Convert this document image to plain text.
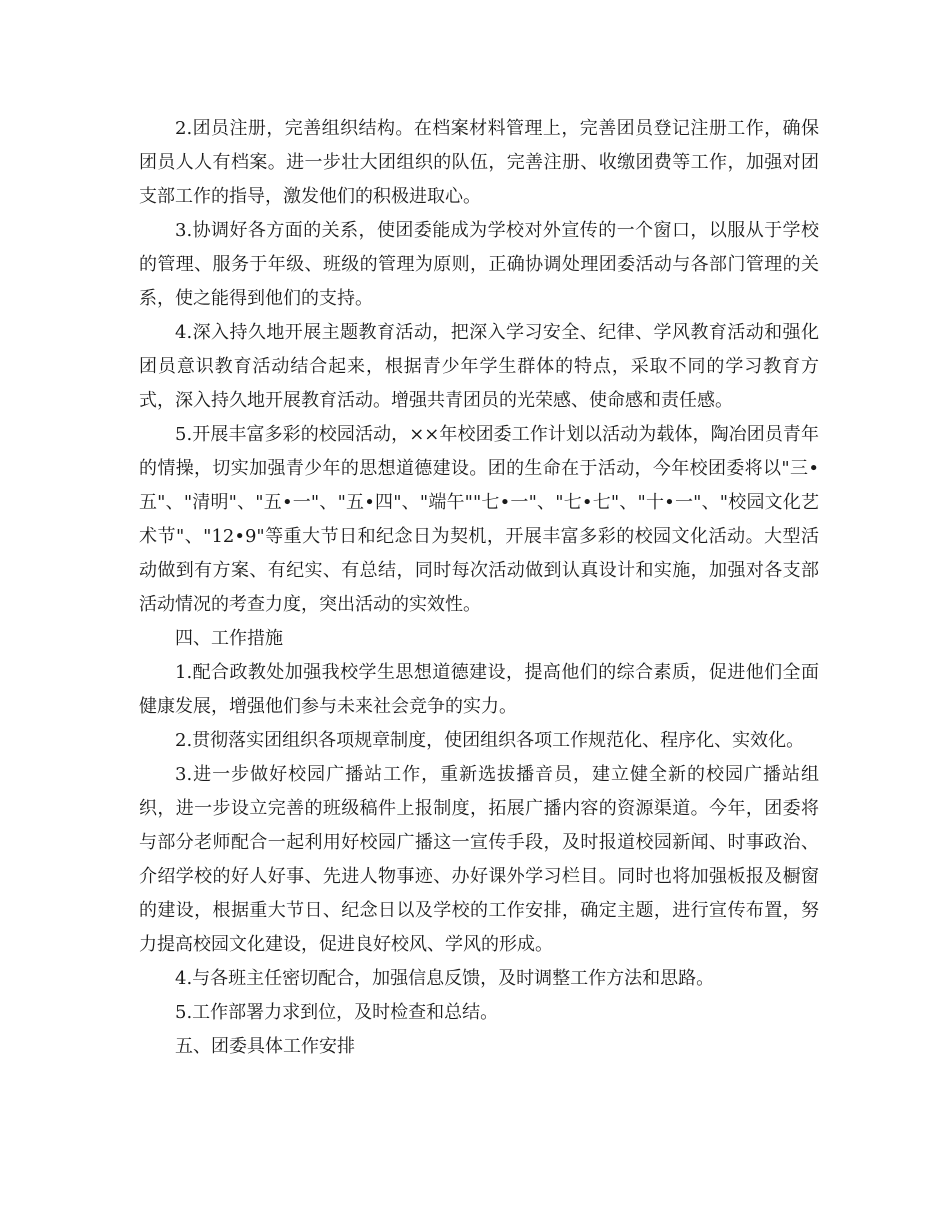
2.团员注册，完善组织结构。在档案材料管理上，完善团员登记注册工作，确保团员人人有档案。进一步壮大团组织的队伍，完善注册、收缴团费等工作，加强对团支部工作的指导，激发他们的积极进取心。

3.协调好各方面的关系，使团委能成为学校对外宣传的一个窗口，以服从于学校的管理、服务于年级、班级的管理为原则，正确协调处理团委活动与各部门管理的关系，使之能得到他们的支持。

4.深入持久地开展主题教育活动，把深入学习安全、纪律、学风教育活动和强化团员意识教育活动结合起来，根据青少年学生群体的特点，采取不同的学习教育方式，深入持久地开展教育活动。增强共青团员的光荣感、使命感和责任感。

5.开展丰富多彩的校园活动，××年校团委工作计划以活动为载体，陶冶团员青年的情操，切实加强青少年的思想道德建设。团的生命在于活动，今年校团委将以"三•五"、"清明"、"五•一"、"五•四"、"端午""七•一"、"七•七"、"十•一"、"校园文化艺术节"、"12•9"等重大节日和纪念日为契机，开展丰富多彩的校园文化活动。大型活动做到有方案、有纪实、有总结，同时每次活动做到认真设计和实施，加强对各支部活动情况的考查力度，突出活动的实效性。

四、工作措施

1.配合政教处加强我校学生思想道德建设，提高他们的综合素质，促进他们全面健康发展，增强他们参与未来社会竞争的实力。

2.贯彻落实团组织各项规章制度，使团组织各项工作规范化、程序化、实效化。

3.进一步做好校园广播站工作，重新选拔播音员，建立健全新的校园广播站组织，进一步设立完善的班级稿件上报制度，拓展广播内容的资源渠道。今年，团委将与部分老师配合一起利用好校园广播这一宣传手段，及时报道校园新闻、时事政治、介绍学校的好人好事、先进人物事迹、办好课外学习栏目。同时也将加强板报及橱窗的建设，根据重大节日、纪念日以及学校的工作安排，确定主题，进行宣传布置，努力提高校园文化建设，促进良好校风、学风的形成。

4.与各班主任密切配合，加强信息反馈，及时调整工作方法和思路。

5.工作部署力求到位，及时检查和总结。

五、团委具体工作安排
